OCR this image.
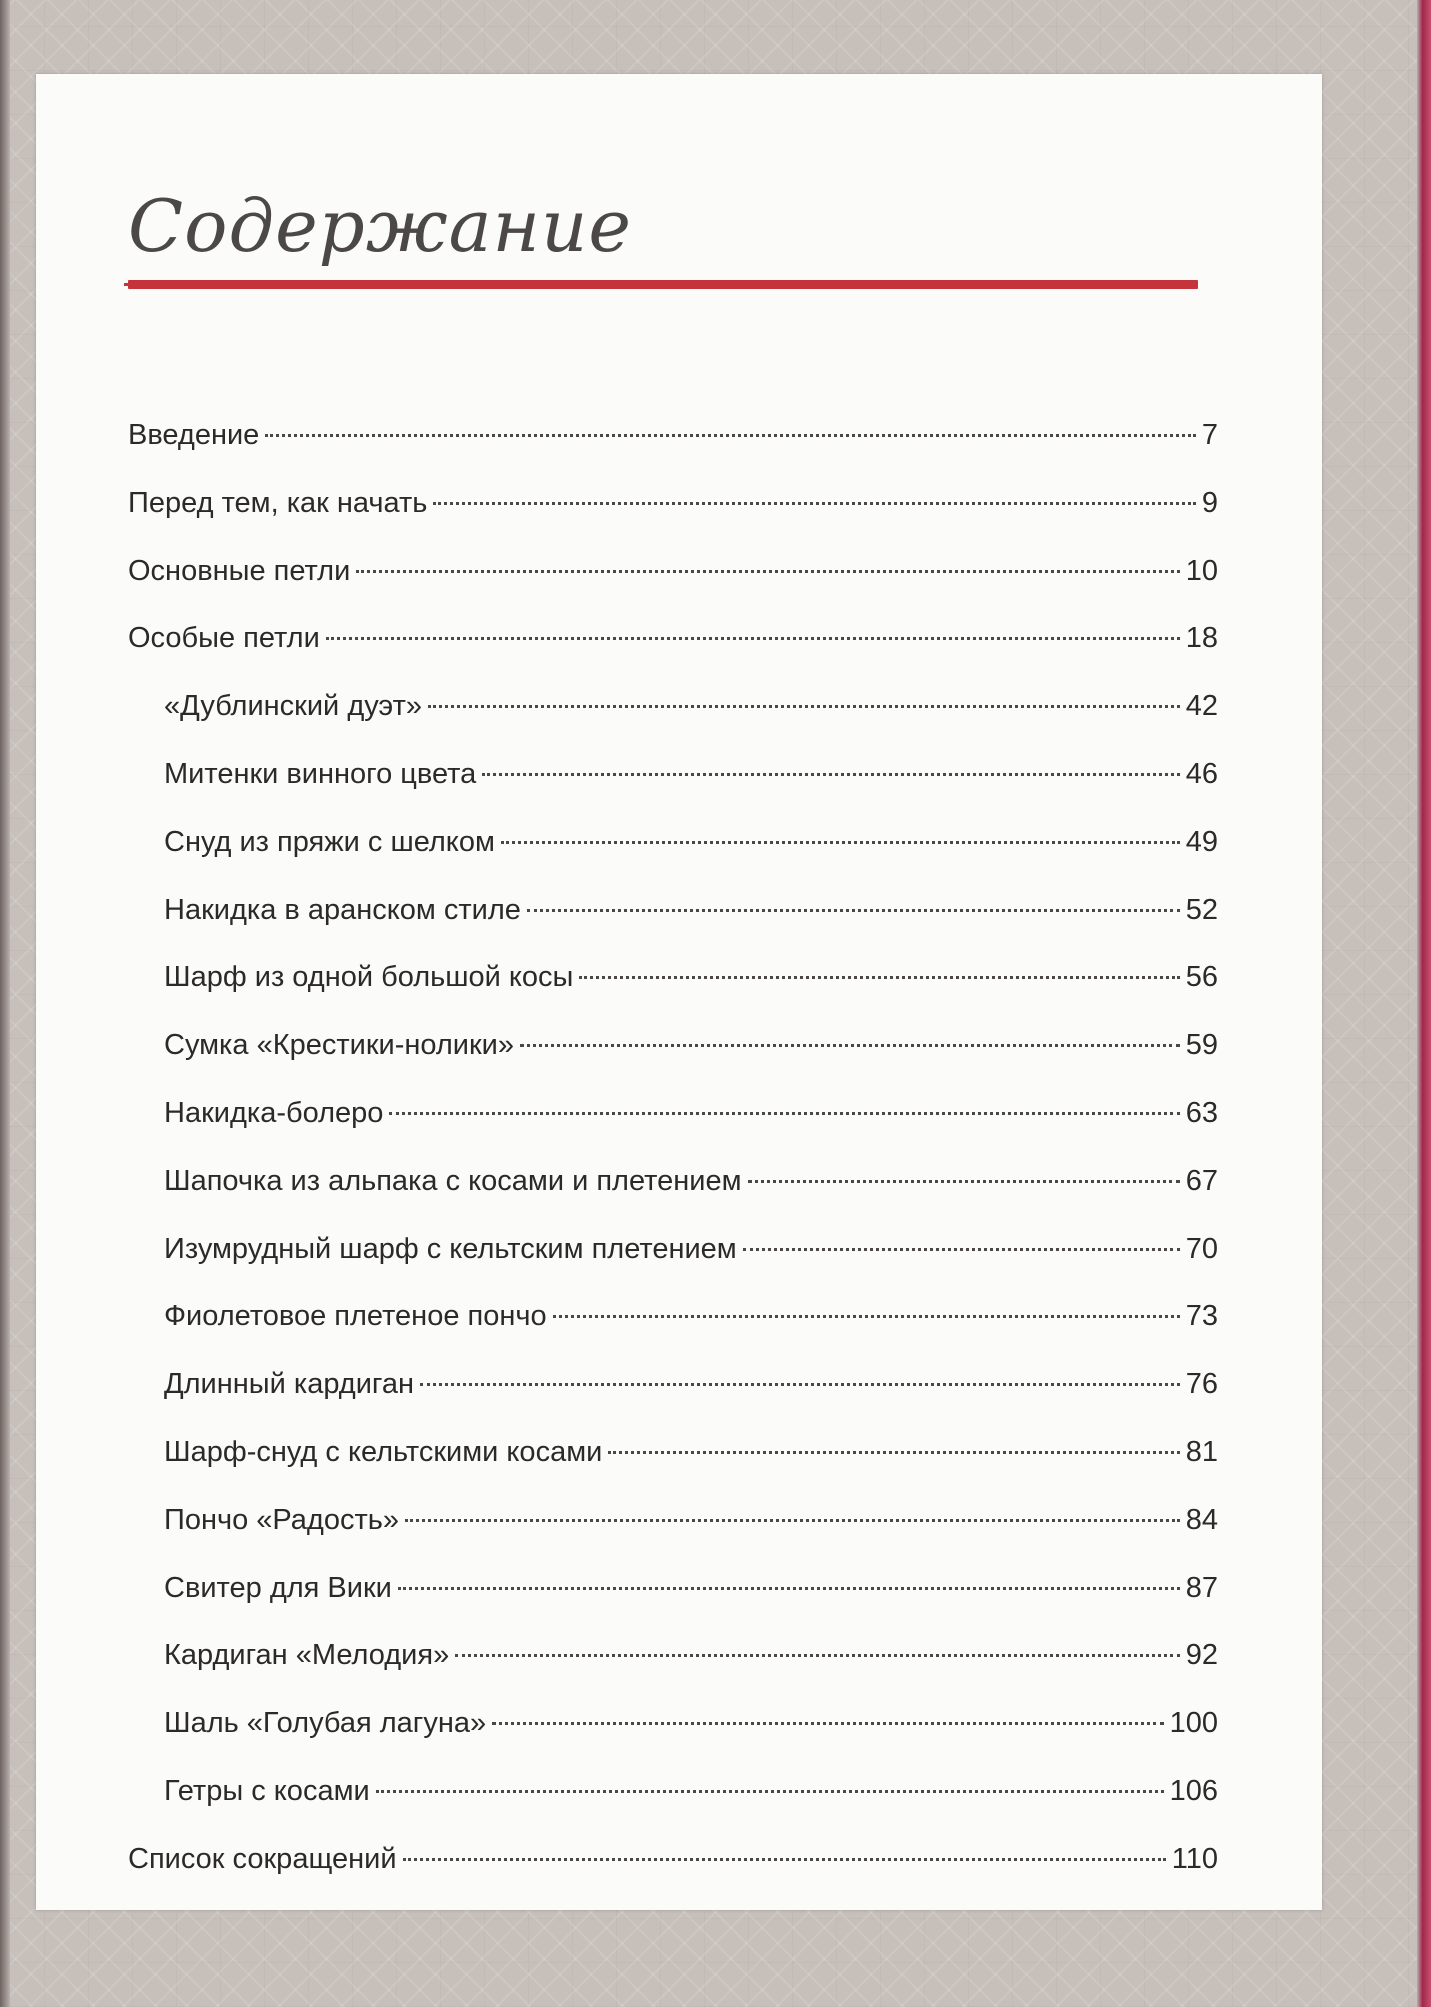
Содержание
Введение	7
Перед тем, как начать	9
Основные петли	10
Особые петли	18
«Дублинский дуэт»	42
Митенки винного цвета	46
Снуд из пряжи с шелком	49
Накидка в аранском стиле	52
Шарф из одной большой косы	56
Сумка «Крестики-нолики»	59
Накидка-болеро	63
Шапочка из альпака с косами и плетением	67
Изумрудный шарф с кельтским плетением	70
Фиолетовое плетеное пончо	73
Длинный кардиган	76
Шарф-снуд с кельтскими косами	81
Пончо «Радость»	84
Свитер для Вики	87
Кардиган «Мелодия»	92
Шаль «Голубая лагуна»	100
Гетры с косами	106
Список сокращений	110
